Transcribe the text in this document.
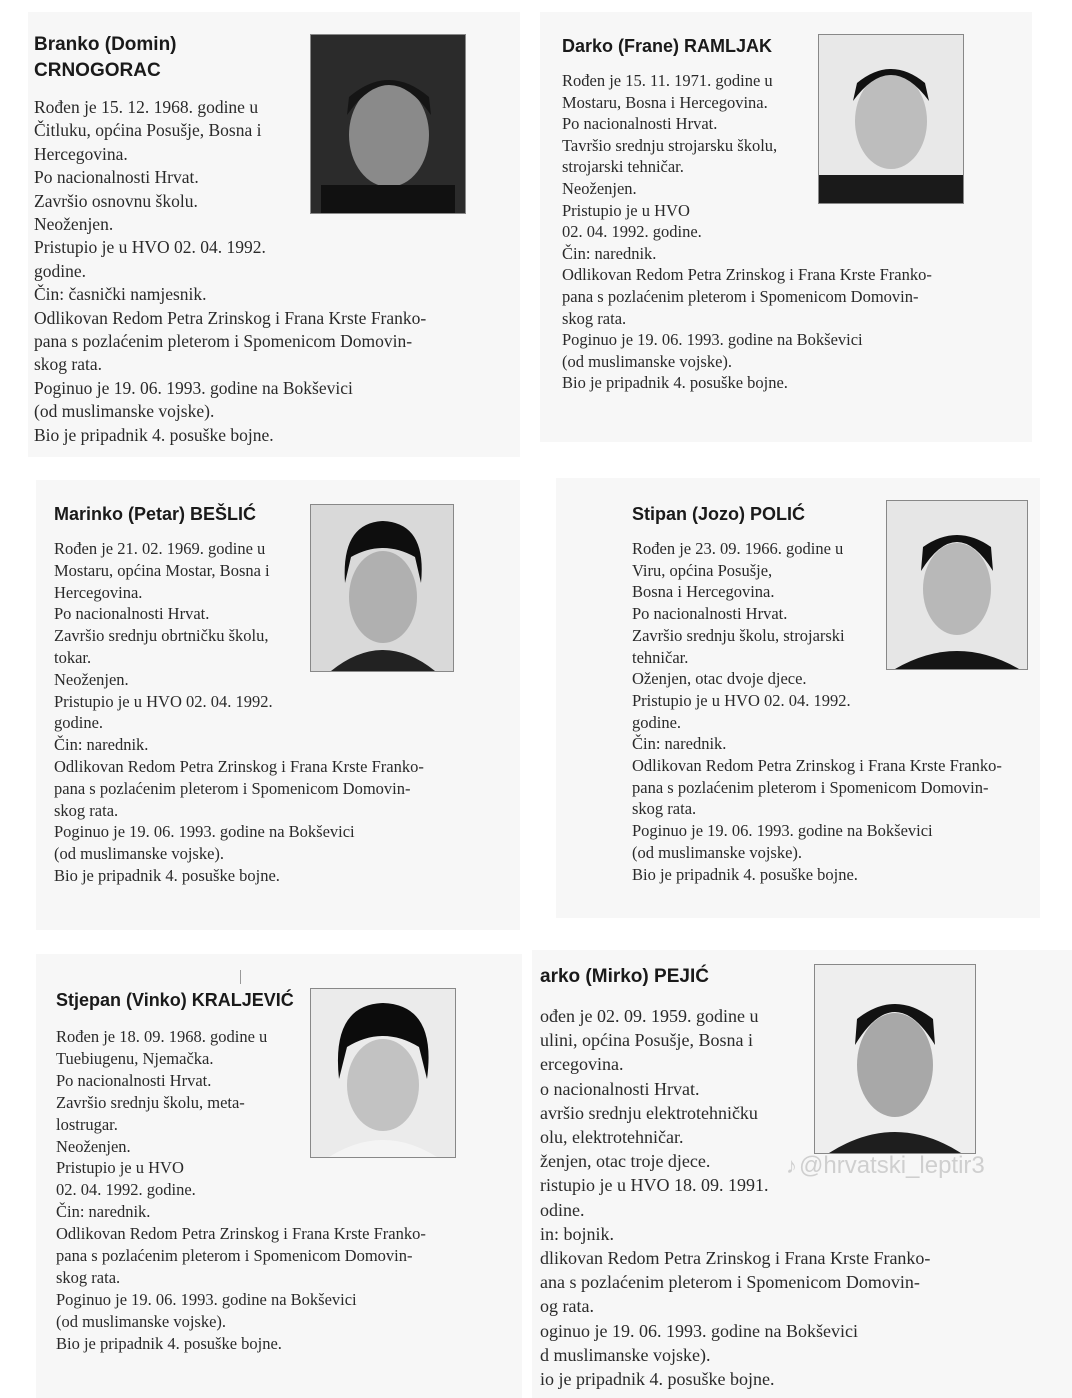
Branko (Domin)
CRNOGORAC
Rođen je 15. 12. 1968. godine u
Čitluku, općina Posušje, Bosna i
Hercegovina.
Po nacionalnosti Hrvat.
Završio osnovnu školu.
Neoženjen.
Pristupio je u HVO 02. 04. 1992.
godine.
Čin: časnički namjesnik.
Odlikovan Redom Petra Zrinskog i Frana Krste Franko-
pana s pozlaćenim pleterom i Spomenicom Domovin-
skog rata.
Poginuo je 19. 06. 1993. godine na Bokševici
(od muslimanske vojske).
Bio je pripadnik 4. posuške bojne.
Darko (Frane) RAMLJAK
Rođen je 15. 11. 1971. godine u
Mostaru, Bosna i Hercegovina.
Po nacionalnosti Hrvat.
Tavršio srednju strojarsku školu,
strojarski tehničar.
Neoženjen.
Pristupio je u HVO
02. 04. 1992. godine.
Čin: narednik.
Odlikovan Redom Petra Zrinskog i Frana Krste Franko-
pana s pozlaćenim pleterom i Spomenicom Domovin-
skog rata.
Poginuo je 19. 06. 1993. godine na Bokševici
(od muslimanske vojske).
Bio je pripadnik 4. posuške bojne.
Marinko (Petar) BEŠLIĆ
Rođen je 21. 02. 1969. godine u
Mostaru, općina Mostar, Bosna i
Hercegovina.
Po nacionalnosti Hrvat.
Završio srednju obrtničku školu,
tokar.
Neoženjen.
Pristupio je u HVO 02. 04. 1992.
godine.
Čin: narednik.
Odlikovan Redom Petra Zrinskog i Frana Krste Franko-
pana s pozlaćenim pleterom i Spomenicom Domovin-
skog rata.
Poginuo je 19. 06. 1993. godine na Bokševici
(od muslimanske vojske).
Bio je pripadnik 4. posuške bojne.
Stipan (Jozo) POLIĆ
Rođen je 23. 09. 1966. godine u
Viru, općina Posušje,
Bosna i Hercegovina.
Po nacionalnosti Hrvat.
Završio srednju školu, strojarski
tehničar.
Oženjen, otac dvoje djece.
Pristupio je u HVO 02. 04. 1992.
godine.
Čin: narednik.
Odlikovan Redom Petra Zrinskog i Frana Krste Franko-
pana s pozlaćenim pleterom i Spomenicom Domovin-
skog rata.
Poginuo je 19. 06. 1993. godine na Bokševici
(od muslimanske vojske).
Bio je pripadnik 4. posuške bojne.
Stjepan (Vinko) KRALJEVIĆ
Rođen je 18. 09. 1968. godine u
Tuebiugenu, Njemačka.
Po nacionalnosti Hrvat.
Završio srednju školu, meta-
lostrugar.
Neoženjen.
Pristupio je u HVO
02. 04. 1992. godine.
Čin: narednik.
Odlikovan Redom Petra Zrinskog i Frana Krste Franko-
pana s pozlaćenim pleterom i Spomenicom Domovin-
skog rata.
Poginuo je 19. 06. 1993. godine na Bokševici
(od muslimanske vojske).
Bio je pripadnik 4. posuške bojne.
arko (Mirko) PEJIĆ
ođen je 02. 09. 1959. godine u
ulini, općina Posušje, Bosna i
ercegovina.
o nacionalnosti Hrvat.
avršio srednju elektrotehničku
olu, elektrotehničar.
ženjen, otac troje djece.
ristupio je u HVO 18. 09. 1991.
odine.
in: bojnik.
dlikovan Redom Petra Zrinskog i Frana Krste Franko-
ana s pozlaćenim pleterom i Spomenicom Domovin-
og rata.
oginuo je 19. 06. 1993. godine na Bokševici
d muslimanske vojske).
io je pripadnik 4. posuške bojne.
♪@hrvatski_leptir3
